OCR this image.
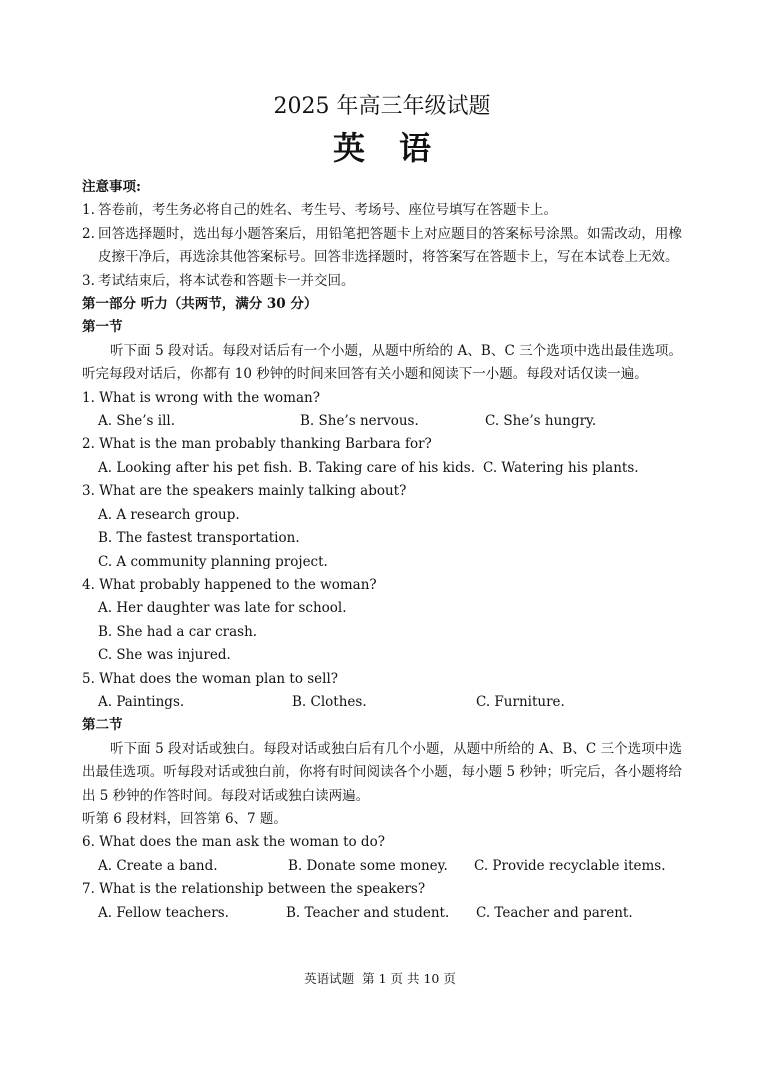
2025 年高三年级试题
英语
注意事项:
1. 答卷前，考生务必将自己的姓名、考生号、考场号、座位号填写在答题卡上。
2. 回答选择题时，选出每小题答案后，用铅笔把答题卡上对应题目的答案标号涂黑。如需改动，用橡皮擦干净后，再选涂其他答案标号。回答非选择题时，将答案写在答题卡上，写在本试卷上无效。
3. 考试结束后，将本试卷和答题卡一并交回。
第一部分 听力（共两节，满分 30 分）
第一节
听下面 5 段对话。每段对话后有一个小题，从题中所给的 A、B、C 三个选项中选出最佳选项。听完每段对话后，你都有 10 秒钟的时间来回答有关小题和阅读下一小题。每段对话仅读一遍。
1. What is wrong with the woman?
A. She’s ill.	B. She’s nervous.	C. She’s hungry.
2. What is the man probably thanking Barbara for?
A. Looking after his pet fish. B. Taking care of his kids. C. Watering his plants.
3. What are the speakers mainly talking about?
A. A research group.
B. The fastest transportation.
C. A community planning project.
4. What probably happened to the woman?
A. Her daughter was late for school.
B. She had a car crash.
C. She was injured.
5. What does the woman plan to sell?
A. Paintings.	B. Clothes.	C. Furniture.
第二节
听下面 5 段对话或独白。每段对话或独白后有几个小题，从题中所给的 A、B、C 三个选项中选出最佳选项。听每段对话或独白前，你将有时间阅读各个小题，每小题 5 秒钟；听完后，各小题将给出 5 秒钟的作答时间。每段对话或独白读两遍。
听第 6 段材料，回答第 6、7 题。
6. What does the man ask the woman to do?
A. Create a band.	B. Donate some money.	C. Provide recyclable items.
7. What is the relationship between the speakers?
A. Fellow teachers.	B. Teacher and student.	C. Teacher and parent.
英语试题 第 1 页 共 10 页
